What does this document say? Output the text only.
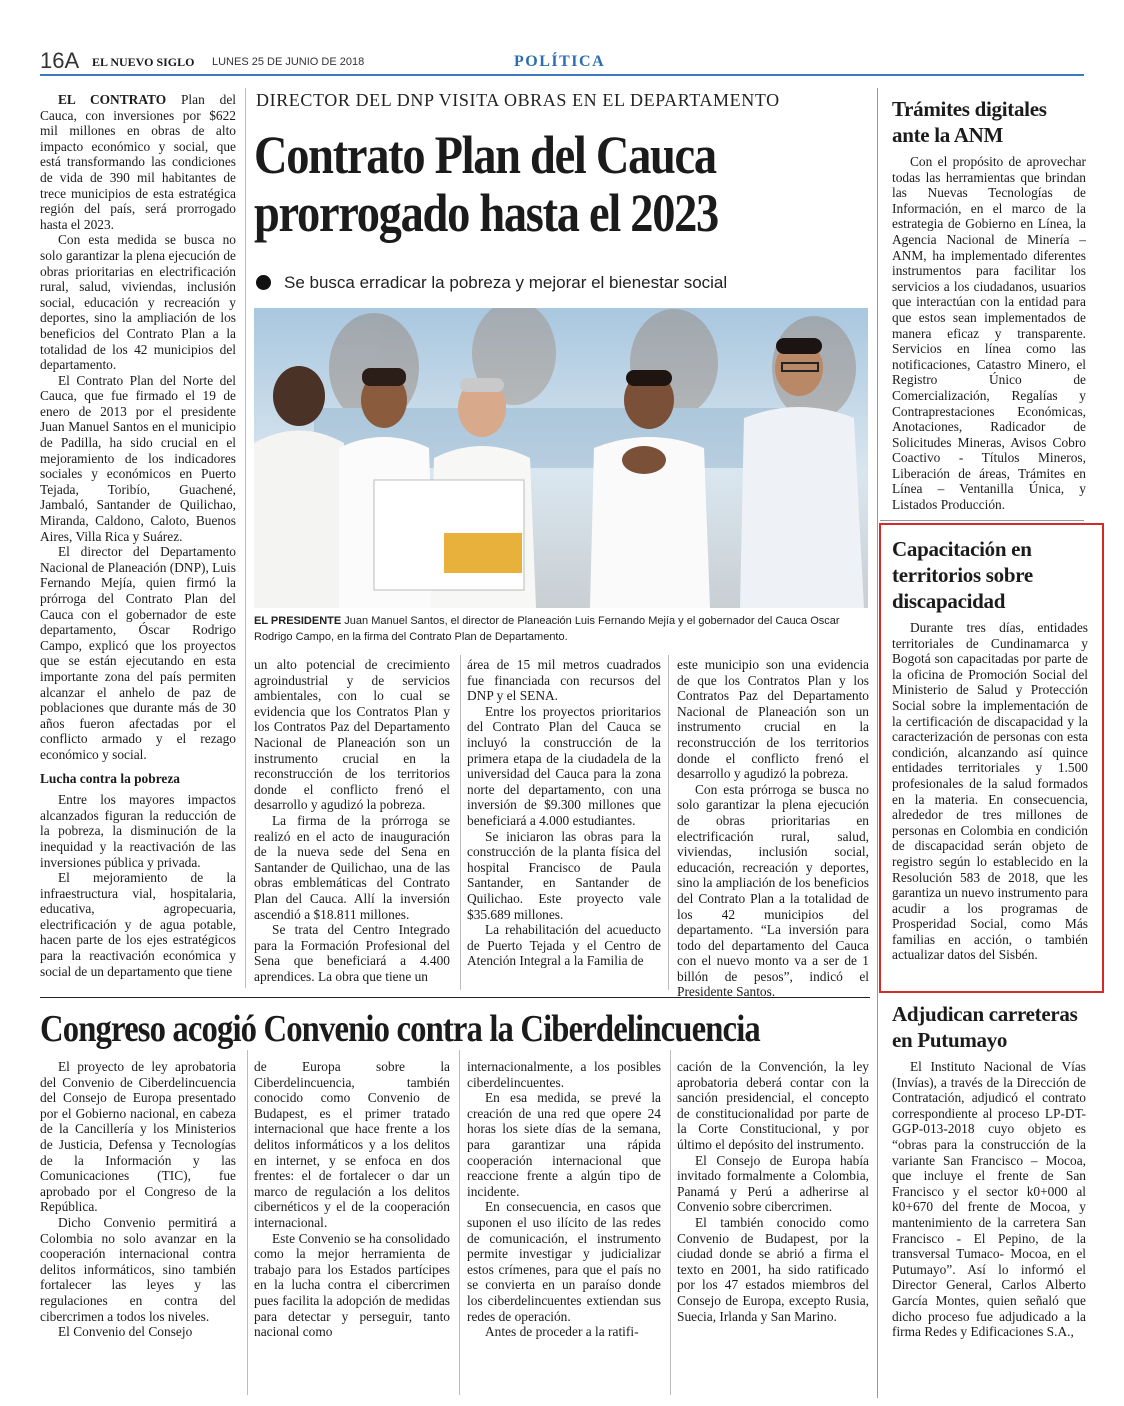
16A EL NUEVO SIGLO LUNES 25 DE JUNIO DE 2018	POLÍTICA
DIRECTOR DEL DNP VISITA OBRAS EN EL DEPARTAMENTO
Contrato Plan del Cauca
prorrogado hasta el 2023
Se busca erradicar la pobreza y mejorar el bienestar social
EL PRESIDENTE Juan Manuel Santos, el director de Planeación Luis Fernando Mejía y el gobernador del Cauca Oscar Rodrigo Campo, en la firma del Contrato Plan de Departamento.

EL CONTRATO Plan del Cauca, con inversiones por $622 mil millones en obras de alto impacto económico y social, que está transformando las condiciones de vida de 390 mil habitantes de trece municipios de esta estratégica región del país, será prorrogado hasta el 2023.

Con esta medida se busca no solo garantizar la plena ejecución de obras prioritarias en electrificación rural, salud, viviendas, inclusión social, educación y recreación y deportes, sino la ampliación de los beneficios del Contrato Plan a la totalidad de los 42 municipios del departamento.

El Contrato Plan del Norte del Cauca, que fue firmado el 19 de enero de 2013 por el presidente Juan Manuel Santos en el municipio de Padilla, ha sido crucial en el mejoramiento de los indicadores sociales y económicos en Puerto Tejada, Toribío, Guachené, Jambaló, Santander de Quilichao, Miranda, Caldono, Caloto, Buenos Aires, Villa Rica y Suárez.

El director del Departamento Nacional de Planeación (DNP), Luis Fernando Mejía, quien firmó la prórroga del Contrato Plan del Cauca con el gobernador de este departamento, Óscar Rodrigo Campo, explicó que los proyectos que se están ejecutando en esta importante zona del país permiten alcanzar el anhelo de paz de poblaciones que durante más de 30 años fueron afectadas por el conflicto armado y el rezago económico y social.

Lucha contra la pobreza

Entre los mayores impactos alcanzados figuran la reducción de la pobreza, la disminución de la inequidad y la reactivación de las inversiones pública y privada.

El mejoramiento de la infraestructura vial, hospitalaria, educativa, agropecuaria, electrificación y de agua potable, hacen parte de los ejes estratégicos para la reactivación económica y social de un departamento que tiene

un alto potencial de crecimiento agroindustrial y de servicios ambientales, con lo cual se evidencia que los Contratos Plan y los Contratos Paz del Departamento Nacional de Planeación son un instrumento crucial en la reconstrucción de los territorios donde el conflicto frenó el desarrollo y agudizó la pobreza.

La firma de la prórroga se realizó en el acto de inauguración de la nueva sede del Sena en Santander de Quilichao, una de las obras emblemáticas del Contrato Plan del Cauca. Allí la inversión ascendió a $18.811 millones.

Se trata del Centro Integrado para la Formación Profesional del Sena que beneficiará a 4.400 aprendices. La obra que tiene un

área de 15 mil metros cuadrados fue financiada con recursos del DNP y el SENA.

Entre los proyectos prioritarios del Contrato Plan del Cauca se incluyó la construcción de la primera etapa de la ciudadela de la universidad del Cauca para la zona norte del departamento, con una inversión de $9.300 millones que beneficiará a 4.000 estudiantes.

Se iniciaron las obras para la construcción de la planta física del hospital Francisco de Paula Santander, en Santander de Quilichao. Este proyecto vale $35.689 millones.

La rehabilitación del acueducto de Puerto Tejada y el Centro de Atención Integral a la Familia de

este municipio son una evidencia de que los Contratos Plan y los Contratos Paz del Departamento Nacional de Planeación son un instrumento crucial en la reconstrucción de los territorios donde el conflicto frenó el desarrollo y agudizó la pobreza.

Con esta prórroga se busca no solo garantizar la plena ejecución de obras prioritarias en electrificación rural, salud, viviendas, inclusión social, educación, recreación y deportes, sino la ampliación de los beneficios del Contrato Plan a la totalidad de los 42 municipios del departamento. “La inversión para todo del departamento del Cauca con el nuevo monto va a ser de 1 billón de pesos”, indicó el Presidente Santos.

Congreso acogió Convenio contra la Ciberdelincuencia

El proyecto de ley aprobatoria del Convenio de Ciberdelincuencia del Consejo de Europa presentado por el Gobierno nacional, en cabeza de la Cancillería y los Ministerios de Justicia, Defensa y Tecnologías de la Información y las Comunicaciones (TIC), fue aprobado por el Congreso de la República.

Dicho Convenio permitirá a Colombia no solo avanzar en la cooperación internacional contra delitos informáticos, sino también fortalecer las leyes y las regulaciones en contra del cibercrimen a todos los niveles.

El Convenio del Consejo

de Europa sobre la Ciberdelincuencia, también conocido como Convenio de Budapest, es el primer tratado internacional que hace frente a los delitos informáticos y a los delitos en internet, y se enfoca en dos frentes: el de fortalecer o dar un marco de regulación a los delitos cibernéticos y el de la cooperación internacional.

Este Convenio se ha consolidado como la mejor herramienta de trabajo para los Estados partícipes en la lucha contra el cibercrimen pues facilita la adopción de medidas para detectar y perseguir, tanto nacional como

internacionalmente, a los posibles ciberdelincuentes.

En esa medida, se prevé la creación de una red que opere 24 horas los siete días de la semana, para garantizar una rápida cooperación internacional que reaccione frente a algún tipo de incidente.

En consecuencia, en casos que suponen el uso ilícito de las redes de comunicación, el instrumento permite investigar y judicializar estos crímenes, para que el país no se convierta en un paraíso donde los ciberdelincuentes extiendan sus redes de operación.

Antes de proceder a la ratifi-

cación de la Convención, la ley aprobatoria deberá contar con la sanción presidencial, el concepto de constitucionalidad por parte de la Corte Constitucional, y por último el depósito del instrumento.

El Consejo de Europa había invitado formalmente a Colombia, Panamá y Perú a adherirse al Convenio sobre cibercrimen.

El también conocido como Convenio de Budapest, por la ciudad donde se abrió a firma el texto en 2001, ha sido ratificado por los 47 estados miembros del Consejo de Europa, excepto Rusia, Suecia, Irlanda y San Marino.

Trámites digitales ante la ANM

Con el propósito de aprovechar todas las herramientas que brindan las Nuevas Tecnologías de Información, en el marco de la estrategia de Gobierno en Línea, la Agencia Nacional de Minería – ANM, ha implementado diferentes instrumentos para facilitar los servicios a los ciudadanos, usuarios que interactúan con la entidad para que estos sean implementados de manera eficaz y transparente. Servicios en línea como las notificaciones, Catastro Minero, el Registro Único de Comercialización, Regalías y Contraprestaciones Económicas, Anotaciones, Radicador de Solicitudes Mineras, Avisos Cobro Coactivo - Títulos Mineros, Liberación de áreas, Trámites en Línea – Ventanilla Única, y Listados Producción.

Capacitación en territorios sobre discapacidad

Durante tres días, entidades territoriales de Cundinamarca y Bogotá son capacitadas por parte de la oficina de Promoción Social del Ministerio de Salud y Protección Social sobre la implementación de la certificación de discapacidad y la caracterización de personas con esta condición, alcanzando así quince entidades territoriales y 1.500 profesionales de la salud formados en la materia. En consecuencia, alrededor de tres millones de personas en Colombia en condición de discapacidad serán objeto de registro según lo establecido en la Resolución 583 de 2018, que les garantiza un nuevo instrumento para acudir a los programas de Prosperidad Social, como Más familias en acción, o también actualizar datos del Sisbén.

Adjudican carreteras en Putumayo

El Instituto Nacional de Vías (Invías), a través de la Dirección de Contratación, adjudicó el contrato correspondiente al proceso LP-DT-GGP-013-2018 cuyo objeto es “obras para la construcción de la variante San Francisco – Mocoa, que incluye el frente de San Francisco y el sector k0+000 al k0+670 del frente de Mocoa, y mantenimiento de la carretera San Francisco - El Pepino, de la transversal Tumaco- Mocoa, en el Putumayo”. Así lo informó el Director General, Carlos Alberto García Montes, quien señaló que dicho proceso fue adjudicado a la firma Redes y Edificaciones S.A.,
